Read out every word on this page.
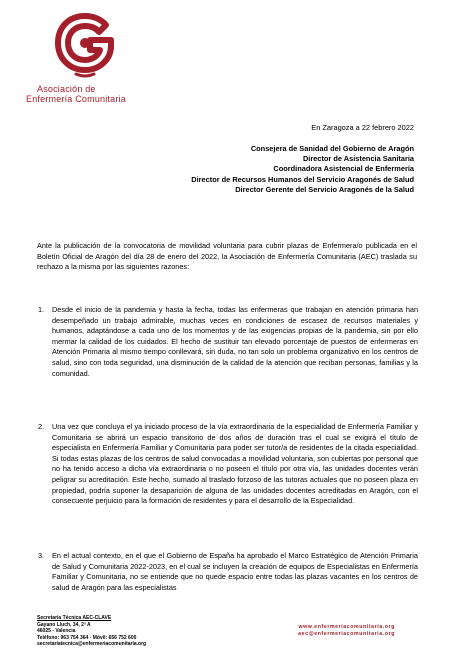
Asociación de
Enfermería Comunitaria
En Zaragoza a 22 febrero 2022
Consejera de Sanidad del Gobierno de Aragón
Director de Asistencia Sanitaria
Coordinadora Asistencial de Enfermería
Director de Recursos Humanos del Servicio Aragonés de Salud
Director Gerente del Servicio Aragonés de la Salud
Ante la publicación de la convocatoria de movilidad voluntaria para cubrir plazas de Enfermera/o publicada en el Boletín Oficial de Aragón del día 28 de enero del 2022, la Asociación de Enfermería Comunitaria (AEC) traslada su rechazo a la misma por las siguientes razones:
1. Desde el inicio de la pandemia y hasta la fecha, todas las enfermeras que trabajan en atención primaria han desempeñado un trabajo admirable, muchas veces en condiciones de escasez de recursos materiales y humanos, adaptándose a cada uno de los momentos y de las exigencias propias de la pandemia, sin por ello mermar la calidad de los cuidados. El hecho de sustituir tan elevado porcentaje de puestos de enfermeras en Atención Primaria al mismo tiempo conllevará, sin duda, no tan solo un problema organizativo en los centros de salud, sino con toda seguridad, una disminución de la calidad de la atención que reciban personas, familias y la comunidad.
2. Una vez que concluya el ya iniciado proceso de la vía extraordinaria de la especialidad de Enfermería Familiar y Comunitaria se abrirá un espacio transitorio de dos años de duración tras el cual se exigirá el título de especialista en Enfermería Familiar y Comunitaria para poder ser tutor/a de residentes de la citada especialidad. Si todas estas plazas de los centros de salud convocadas a movilidad voluntaria, son cubiertas por personal que no ha tenido acceso a dicha vía extraordinaria o no poseen el título por otra vía, las unidades docentes verán peligrar su acreditación. Este hecho, sumado al traslado forzoso de las tutoras actuales que no poseen plaza en propiedad, podría suponer la desaparición de alguna de las unidades docentes acreditadas en Aragón, con el consecuente perjuicio para la formación de residentes y para el desarrollo de la Especialidad.
3. En el actual contexto, en el que el Gobierno de España ha aprobado el Marco Estratégico de Atención Primaria de Salud y Comunitaria 2022-2023, en el cual se incluyen la creación de equipos de Especialistas en Enfermería Familiar y Comunitaria, no se entiende que no quede espacio entre todas las plazas vacantes en los centros de salud de Aragón para las especialistas
Secretaria Técnica AEC-CLAVE
Gayano Lluch, 34, 2ª A
46025 - Valencia
Teléfono: 963 754 364 · Móvil: 656 752 600
secretariatecnica@enfermeriacomunitaria.org
www.enfermeriacomunitaria.org
aec@enfermeriacomunitaria.org
